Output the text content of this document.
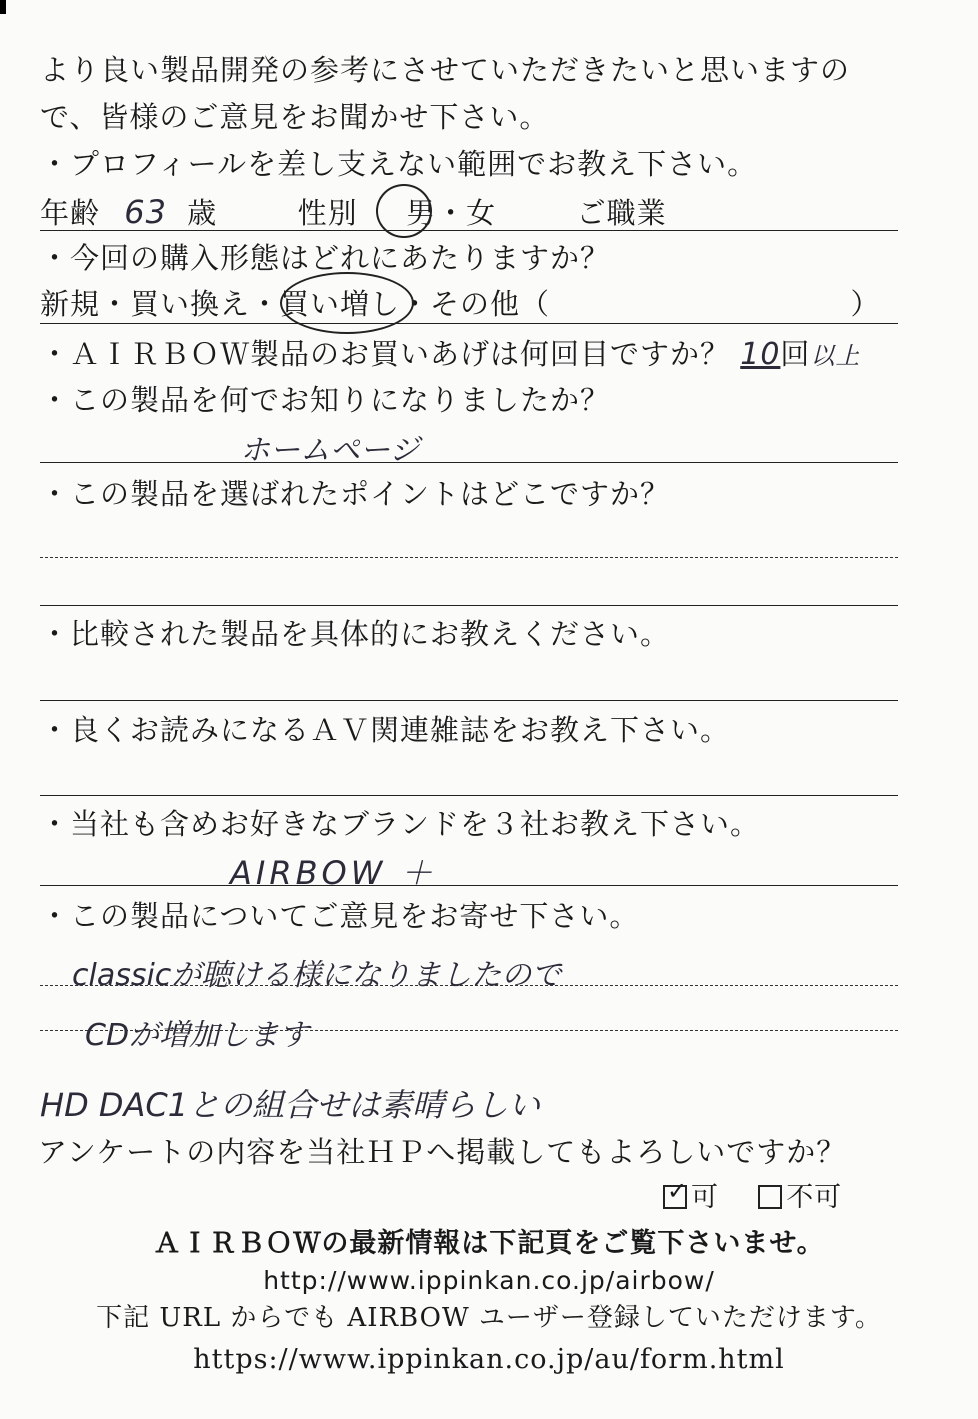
より良い製品開発の参考にさせていただきたいと思いますの
で、皆様のご意見をお聞かせ下さい。
・プロフィールを差し支えない範囲でお教え下さい。
年齢 63 歳	性別 男・女	ご職業
・今回の購入形態はどれにあたりますか？
新規・買い換え・買い増し・その他（	）
・ＡＩＲＢＯＷ製品のお買いあげは何回目ですか？ 10回以上
・この製品を何でお知りになりましたか？
ホームページ
・この製品を選ばれたポイントはどこですか？
・比較された製品を具体的にお教えください。
・良くお読みになるＡＶ関連雑誌をお教え下さい。
・当社も含めお好きなブランドを３社お教え下さい。
AIRBOW ＋
・この製品についてご意見をお寄せ下さい。
classicが聴ける様になりましたので
CDが増加します
HD DAC1との組合せは素晴らしい
アンケートの内容を当社ＨＰへ掲載してもよろしいですか？
✓ 可 不可
ＡＩＲＢＯＷの最新情報は下記頁をご覧下さいませ。
http://www.ippinkan.co.jp/airbow/
下記 URL からでも AIRBOW ユーザー登録していただけます。
https://www.ippinkan.co.jp/au/form.html
